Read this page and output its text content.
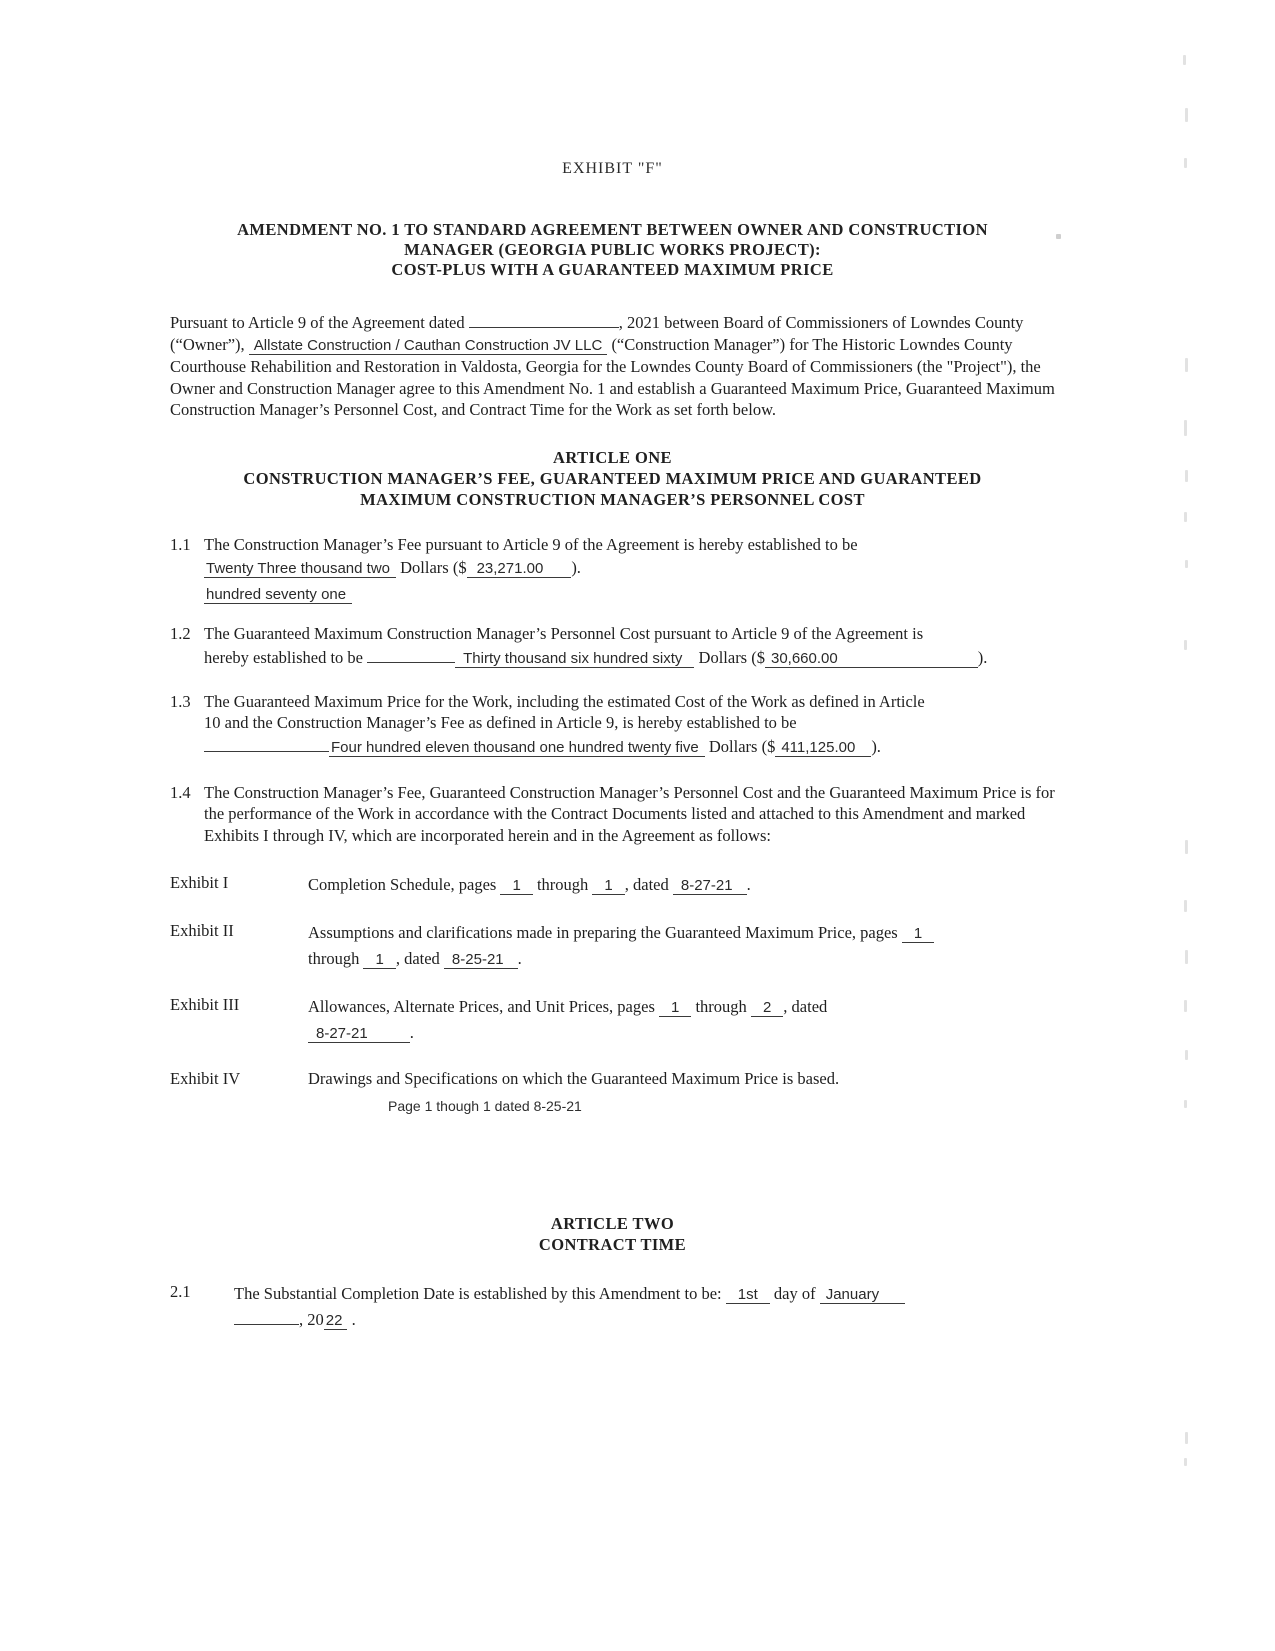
EXHIBIT "F"
AMENDMENT NO. 1 TO STANDARD AGREEMENT BETWEEN OWNER AND CONSTRUCTION
MANAGER (GEORGIA PUBLIC WORKS PROJECT):
COST-PLUS WITH A GUARANTEED MAXIMUM PRICE

Pursuant to Article 9 of the Agreement dated	, 2021 between Board of Commissioners of Lowndes County (“Owner”), Allstate Construction / Cauthan Construction JV LLC (“Construction Manager”) for The Historic Lowndes County Courthouse Rehabilition and Restoration in Valdosta, Georgia for the Lowndes County Board of Commissioners (the "Project"), the Owner and Construction Manager agree to this Amendment No. 1 and establish a Guaranteed Maximum Price, Guaranteed Maximum Construction Manager’s Personnel Cost, and Contract Time for the Work as set forth below.

ARTICLE ONE
CONSTRUCTION MANAGER’S FEE, GUARANTEED MAXIMUM PRICE AND GUARANTEED
MAXIMUM CONSTRUCTION MANAGER’S PERSONNEL COST
1.1 The Construction Manager’s Fee pursuant to Article 9 of the Agreement is hereby established to be
Twenty Three thousand two Dollars ($ 23,271.00 ).
hundred seventy one
1.2 The Guaranteed Maximum Construction Manager’s Personnel Cost pursuant to Article 9 of the Agreement is
hereby established to be	Thirty thousand six hundred sixty Dollars ($ 30,660.00	).
1.3 The Guaranteed Maximum Price for the Work, including the estimated Cost of the Work as defined in Article
10 and the Construction Manager’s Fee as defined in Article 9, is hereby established to be
Four hundred eleven thousand one hundred twenty five Dollars ($ 411,125.00 ).
1.4 The Construction Manager’s Fee, Guaranteed Construction Manager’s Personnel Cost and the Guaranteed Maximum Price is for the performance of the Work in accordance with the Contract Documents listed and attached to this Amendment and marked Exhibits I through IV, which are incorporated herein and in the Agreement as follows:
Exhibit I	Completion Schedule, pages 1 through 1 , dated 8-27-21 .
Exhibit II	Assumptions and clarifications made in preparing the Guaranteed Maximum Price, pages 1
through 1 , dated 8-25-21 .
Exhibit III	Allowances, Alternate Prices, and Unit Prices, pages 1 through 2 , dated
8-27-21	.
Exhibit IV	Drawings and Specifications on which the Guaranteed Maximum Price is based.
Page 1 though 1 dated 8-25-21
ARTICLE TWO
CONTRACT TIME
2.1	The Substantial Completion Date is established by this Amendment to be: 1st day of January
, 20 22 .
